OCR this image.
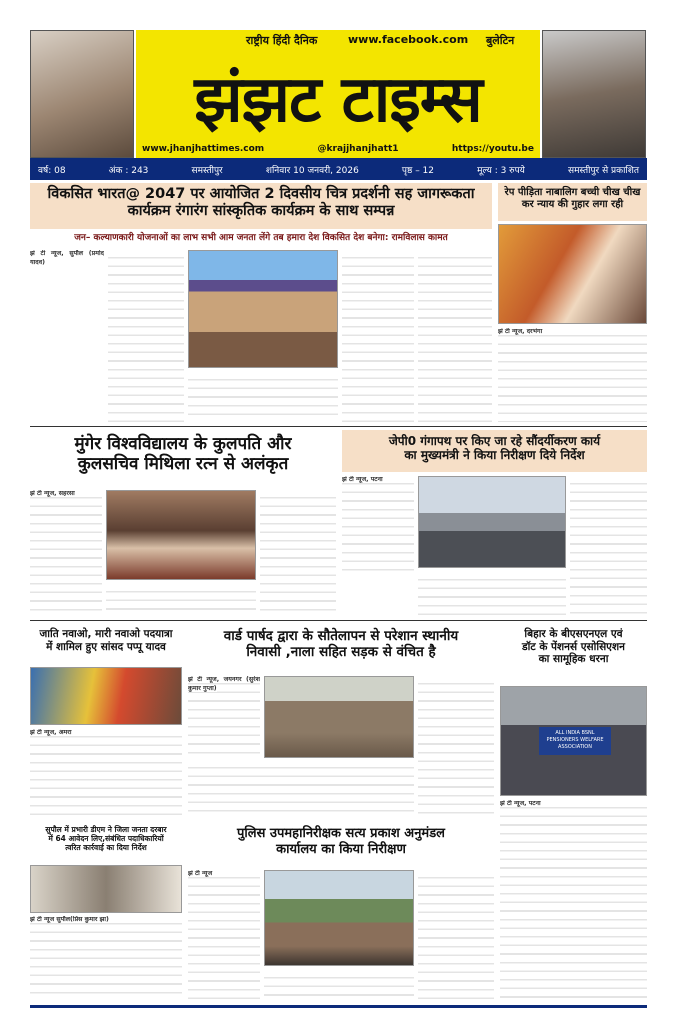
राष्ट्रीय हिंदी दैनिक	www.facebook.com बुलेटिन
झंझट टाइम्स
www.jhanjhattimes.com	@krajjhanjhatt1	https://youtu.be
वर्ष: 08	अंक : 243	समस्तीपुर	शनिवार 10 जनवरी, 2026	पृष्ठ – 12	मूल्य : 3 रुपये	समस्तीपुर से प्रकाशित
विकसित भारत@ 2047 पर आयोजित 2 दिवसीय चित्र प्रदर्शनी सह जागरूकता
कार्यक्रम रंगारंग सांस्कृतिक कार्यक्रम के साथ सम्पन्न
जन– कल्याणकारी योजनाओं का लाभ सभी आम जनता लेंगे तब हमारा देश विकसित देश बनेगा: रामविलास कामत
झं टी न्यूज, सुपौल (प्रमोद यादव)
रेप पीड़िता नाबालिग बच्ची चीख चीख कर न्याय की गुहार लगा रही
झं टी न्यूज, दरभंगा
मुंगेर विश्वविद्यालय के कुलपति और
कुलसचिव मिथिला रत्न से अलंकृत
झं टी न्यूज, सहरसा
जेपी0 गंगापथ पर किए जा रहे सौंदर्यीकरण कार्य
का मुख्यमंत्री ने किया निरीक्षण दिये निर्देश
झं टी न्यूज, पटना
जाति नवाओ, मारी नवाओ पदयात्रा
में शामिल हुए सांसद पप्पू यादव
झं टी न्यूज, अमरा
वार्ड पार्षद द्वारा के सौतेलापन से परेशान स्थानीय
निवासी ,नाला सहित सड़क से वंचित है
झं टी न्यूज, जयनगर (सुरेश कुमार गुप्ता)
बिहार के बीएसएनएल एवं
डॉट के पेंशनर्स एसोसिएशन
का सामूहिक धरना
ALL INDIA BSNL PENSIONERS WELFARE ASSOCIATION
झं टी न्यूज, पटना
सुपौल में प्रभारी डीएम ने जिला जनता दरबार
में 64 आवेदन लिए,संबंधित पदाधिकारियों
त्वरित कार्रवाई का दिया निर्देश
झं टी न्यूज सुपौल(प्रिंस कुमार झा)
पुलिस उपमहानिरीक्षक सत्य प्रकाश अनुमंडल
कार्यालय का किया निरीक्षण
झं टी न्यूज
